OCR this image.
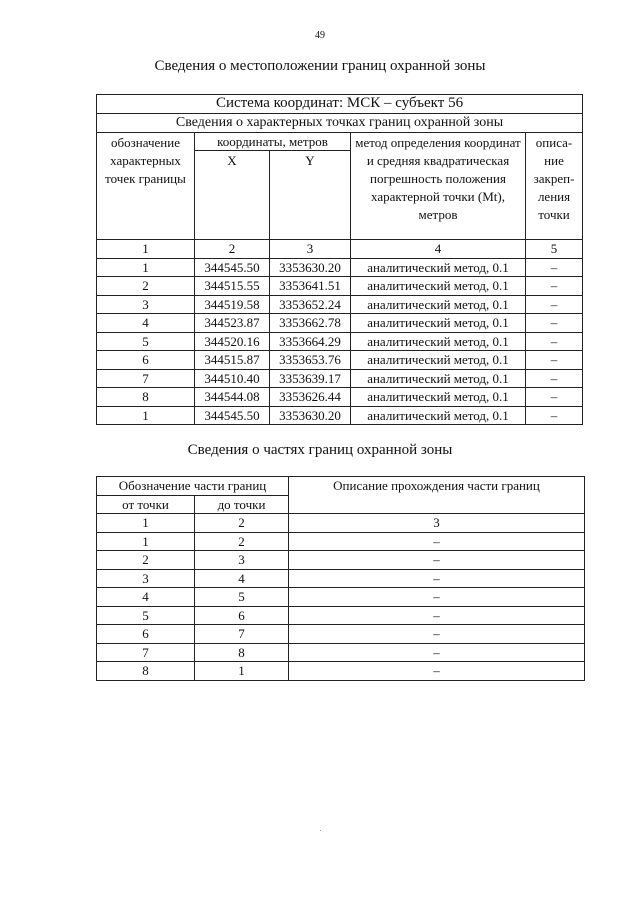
49
Сведения о местоположении границ охранной зоны
Система координат: МСК – субъект 56				
Сведения о характерных точках границ охранной зоны				
обозначение характерных точек границы	координаты, метров		метод определения координат и средняя квадратическая погрешность положения характерной точки (Mt), метров	описа-ние закреп-ления точки
	X	Y		
1	2	3	4	5
1	344545.50	3353630.20	аналитический метод, 0.1	–
2	344515.55	3353641.51	аналитический метод, 0.1	–
3	344519.58	3353652.24	аналитический метод, 0.1	–
4	344523.87	3353662.78	аналитический метод, 0.1	–
5	344520.16	3353664.29	аналитический метод, 0.1	–
6	344515.87	3353653.76	аналитический метод, 0.1	–
7	344510.40	3353639.17	аналитический метод, 0.1	–
8	344544.08	3353626.44	аналитический метод, 0.1	–
1	344545.50	3353630.20	аналитический метод, 0.1	–
Сведения о частях границ охранной зоны
Обозначение части границ		Описание прохождения части границ
от точки	до точки	
1	2	3
1	2	–
2	3	–
3	4	–
4	5	–
5	6	–
6	7	–
7	8	–
8	1	–
